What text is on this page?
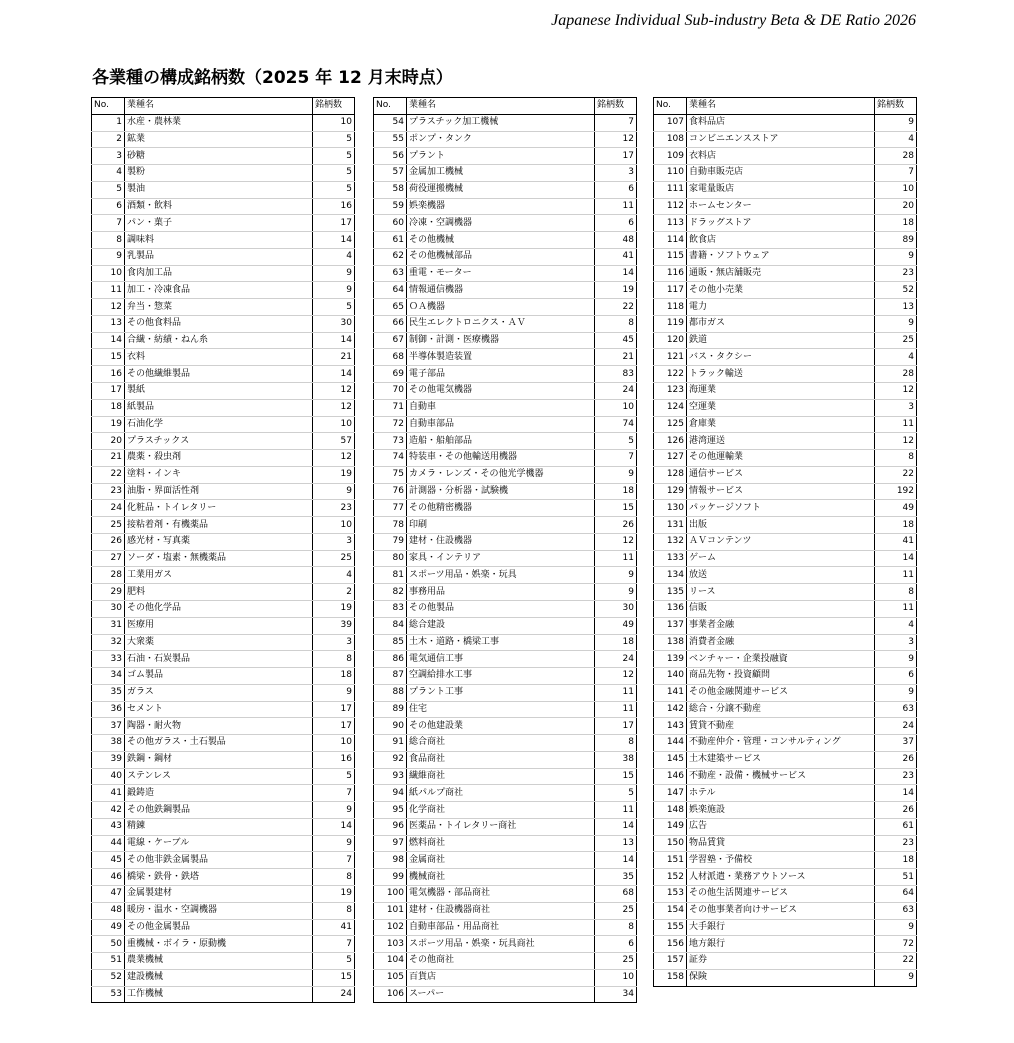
Japanese Individual Sub-industry Beta & DE Ratio 2026
各業種の構成銘柄数（2025 年 12 月末時点）
No.	業種名	銘柄数
1	水産・農林業	10
2	鉱業	5
3	砂糖	5
4	製粉	5
5	製油	5
6	酒類・飲料	16
7	パン・菓子	17
8	調味料	14
9	乳製品	4
10	食肉加工品	9
11	加工・冷凍食品	9
12	弁当・惣菜	5
13	その他食料品	30
14	合繊・紡績・ねん糸	14
15	衣料	21
16	その他繊維製品	14
17	製紙	12
18	紙製品	12
19	石油化学	10
20	プラスチックス	57
21	農薬・殺虫剤	12
22	塗料・インキ	19
23	油脂・界面活性剤	9
24	化粧品・トイレタリー	23
25	接粘着剤・有機薬品	10
26	感光材・写真薬	3
27	ソーダ・塩素・無機薬品	25
28	工業用ガス	4
29	肥料	2
30	その他化学品	19
31	医療用	39
32	大衆薬	3
33	石油・石炭製品	8
34	ゴム製品	18
35	ガラス	9
36	セメント	17
37	陶器・耐火物	17
38	その他ガラス・土石製品	10
39	鉄鋼・鋼材	16
40	ステンレス	5
41	鍛鋳造	7
42	その他鉄鋼製品	9
43	精錬	14
44	電線・ケーブル	9
45	その他非鉄金属製品	7
46	橋梁・鉄骨・鉄塔	8
47	金属製建材	19
48	暖房・温水・空調機器	8
49	その他金属製品	41
50	重機械・ボイラ・原動機	7
51	農業機械	5
52	建設機械	15
53	工作機械	24
No.	業種名	銘柄数
54	プラスチック加工機械	7
55	ポンプ・タンク	12
56	プラント	17
57	金属加工機械	3
58	荷役運搬機械	6
59	娯楽機器	11
60	冷凍・空調機器	6
61	その他機械	48
62	その他機械部品	41
63	重電・モーター	14
64	情報通信機器	19
65	ＯＡ機器	22
66	民生エレクトロニクス・ＡＶ	8
67	制御・計測・医療機器	45
68	半導体製造装置	21
69	電子部品	83
70	その他電気機器	24
71	自動車	10
72	自動車部品	74
73	造船・船舶部品	5
74	特装車・その他輸送用機器	7
75	カメラ・レンズ・その他光学機器	9
76	計測器・分析器・試験機	18
77	その他精密機器	15
78	印刷	26
79	建材・住設機器	12
80	家具・インテリア	11
81	スポーツ用品・娯楽・玩具	9
82	事務用品	9
83	その他製品	30
84	総合建設	49
85	土木・道路・橋梁工事	18
86	電気通信工事	24
87	空調給排水工事	12
88	プラント工事	11
89	住宅	11
90	その他建設業	17
91	総合商社	8
92	食品商社	38
93	繊維商社	15
94	紙パルプ商社	5
95	化学商社	11
96	医薬品・トイレタリー商社	14
97	燃料商社	13
98	金属商社	14
99	機械商社	35
100	電気機器・部品商社	68
101	建材・住設機器商社	25
102	自動車部品・用品商社	8
103	スポーツ用品・娯楽・玩具商社	6
104	その他商社	25
105	百貨店	10
106	スーパー	34
No.	業種名	銘柄数
107	食料品店	9
108	コンビニエンスストア	4
109	衣料店	28
110	自動車販売店	7
111	家電量販店	10
112	ホームセンター	20
113	ドラッグストア	18
114	飲食店	89
115	書籍・ソフトウェア	9
116	通販・無店舗販売	23
117	その他小売業	52
118	電力	13
119	都市ガス	9
120	鉄道	25
121	バス・タクシー	4
122	トラック輸送	28
123	海運業	12
124	空運業	3
125	倉庫業	11
126	港湾運送	12
127	その他運輸業	8
128	通信サービス	22
129	情報サービス	192
130	パッケージソフト	49
131	出版	18
132	ＡＶコンテンツ	41
133	ゲーム	14
134	放送	11
135	リース	8
136	信販	11
137	事業者金融	4
138	消費者金融	3
139	ベンチャー・企業投融資	9
140	商品先物・投資顧問	6
141	その他金融関連サービス	9
142	総合・分譲不動産	63
143	賃貸不動産	24
144	不動産仲介・管理・コンサルティング	37
145	土木建築サービス	26
146	不動産・設備・機械サービス	23
147	ホテル	14
148	娯楽施設	26
149	広告	61
150	物品賃貸	23
151	学習塾・予備校	18
152	人材派遣・業務アウトソース	51
153	その他生活関連サービス	64
154	その他事業者向けサービス	63
155	大手銀行	9
156	地方銀行	72
157	証券	22
158	保険	9
